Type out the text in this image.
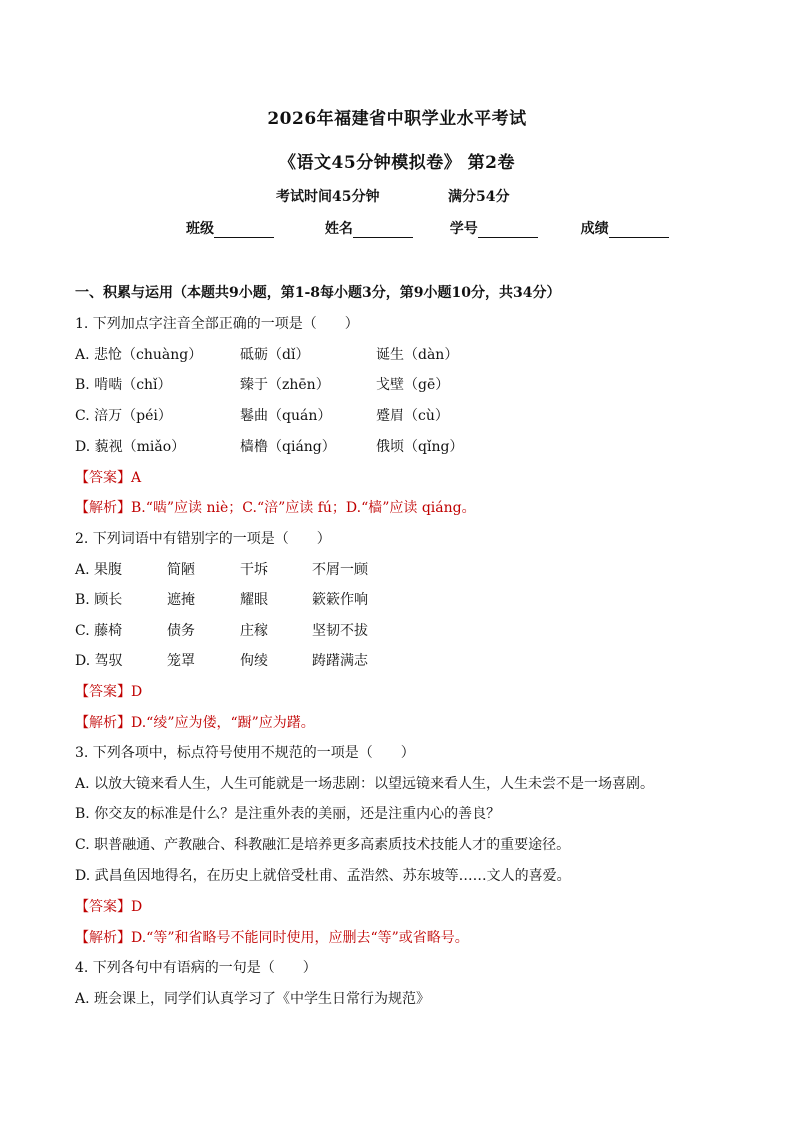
2026年福建省中职学业水平考试
《语文45分钟模拟卷》 第2卷
考试时间45分钟	满分54分
班级	姓名	学号	成绩
一、积累与运用（本题共9小题，第1-8每小题3分，第9小题10分，共34分）
1. 下列加点字注音全部正确的一项是（　　）
A. 悲怆（chuàng）	砥砺（dǐ）	诞生（dàn）
B. 啃啮（chǐ）	臻于（zhēn）	戈壁（gē）
C. 涪万（péi）	鬈曲（quán）	蹙眉（cù）
D. 藐视（miǎo）	樯橹（qiáng）	俄顷（qǐng）
【答案】A
【解析】B.“啮”应读 niè；C.“涪”应读 fú；D.“樯”应读 qiáng。
2. 下列词语中有错别字的一项是（　　）
A. 果腹	简陋	干坼	不屑一顾
B. 顾长	遮掩	耀眼	簌簌作响
C. 藤椅	债务	庄稼	坚韧不拔
D. 驾驭	笼罩	佝绫	踌躇满志
【答案】D
【解析】D.“绫”应为偻，“蹰”应为躇。
3. 下列各项中，标点符号使用不规范的一项是（　　）
A. 以放大镜来看人生，人生可能就是一场悲剧：以望远镜来看人生，人生未尝不是一场喜剧。
B. 你交友的标准是什么？是注重外表的美丽，还是注重内心的善良？
C. 职普融通、产教融合、科教融汇是培养更多高素质技术技能人才的重要途径。
D. 武昌鱼因地得名，在历史上就倍受杜甫、孟浩然、苏东坡等……文人的喜爱。
【答案】D
【解析】D.“等”和省略号不能同时使用，应删去“等”或省略号。
4. 下列各句中有语病的一句是（　　）
A. 班会课上，同学们认真学习了《中学生日常行为规范》
